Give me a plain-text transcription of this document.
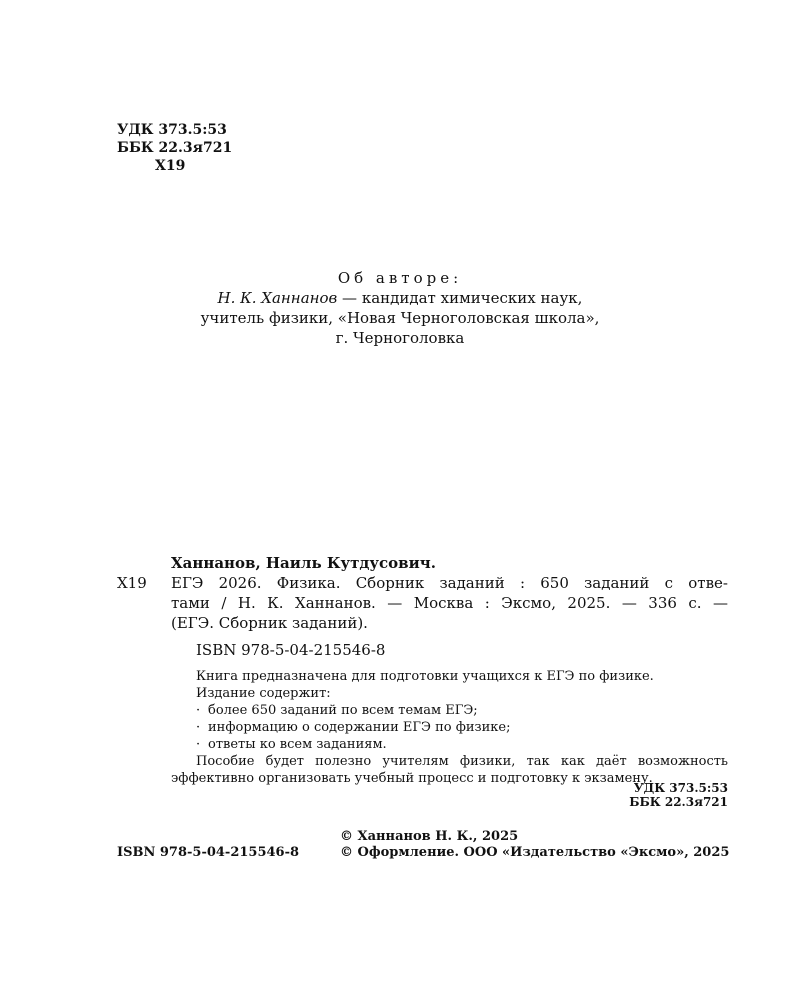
УДК 373.5:53
ББК 22.3я721
Х19
Об авторе:
Н. К. Ханнанов — кандидат химических наук,
учитель физики, «Новая Черноголовская школа»,
г. Черноголовка
Ханнанов, Наиль Кутдусович.
Х19 ЕГЭ 2026. Физика. Сборник заданий : 650 заданий с отве-
тами / Н. К. Ханнанов. — Москва : Эксмо, 2025. — 336 с. —
(ЕГЭ. Сборник заданий).
ISBN 978-5-04-215546-8
Книга предназначена для подготовки учащихся к ЕГЭ по физике.
Издание содержит:
· более 650 заданий по всем темам ЕГЭ;
· информацию о содержании ЕГЭ по физике;
· ответы ко всем заданиям.
Пособие будет полезно учителям физики, так как даёт возможность
эффективно организовать учебный процесс и подготовку к экзамену.
УДК 373.5:53
ББК 22.3я721
© Ханнанов Н. К., 2025
ISBN 978-5-04-215546-8	© Оформление. ООО «Издательство «Эксмо», 2025
